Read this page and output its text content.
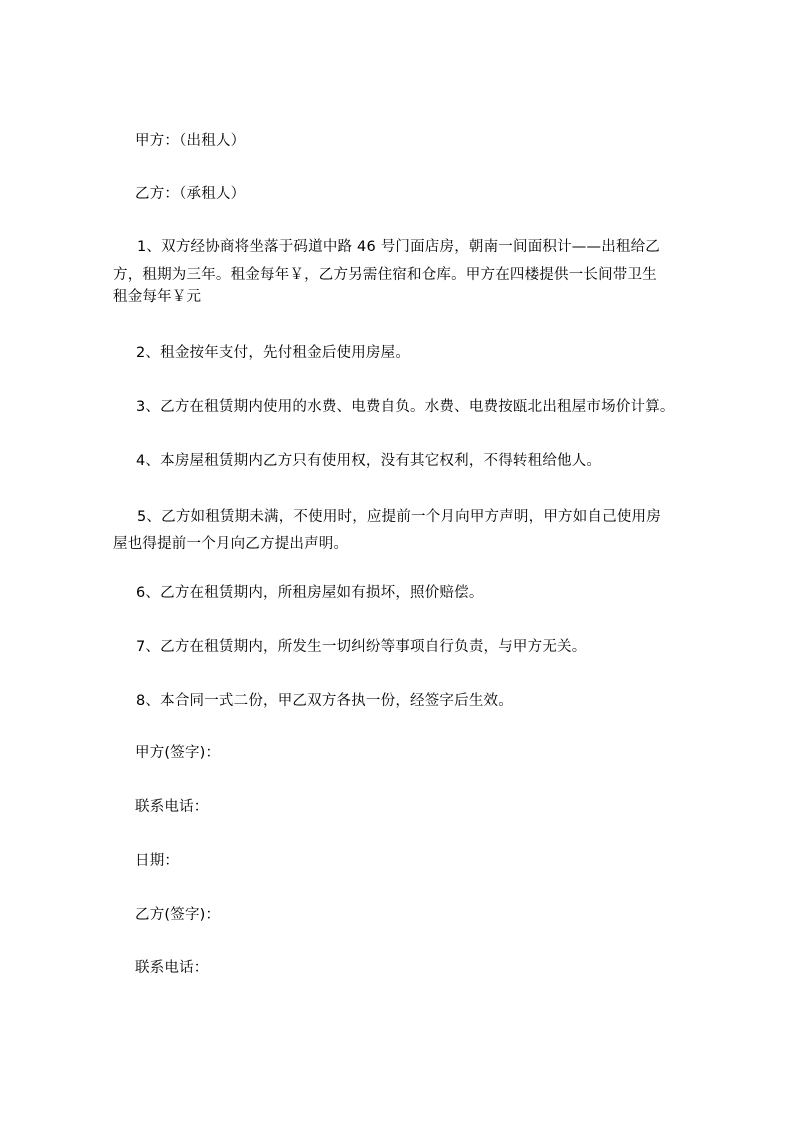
甲方：（出租人）

乙方：（承租人）

1、双方经协商将坐落于码道中路 46 号门面店房，朝南一间面积计——出租给乙
方，租期为三年。租金每年￥，乙方另需住宿和仓库。甲方在四楼提供一长间带卫生
租金每年￥元

2、租金按年支付，先付租金后使用房屋。

3、乙方在租赁期内使用的水费、电费自负。水费、电费按瓯北出租屋市场价计算。

4、本房屋租赁期内乙方只有使用权，没有其它权利，不得转租给他人。

5、乙方如租赁期未满，不使用时，应提前一个月向甲方声明，甲方如自己使用房
屋也得提前一个月向乙方提出声明。

6、乙方在租赁期内，所租房屋如有损坏，照价赔偿。

7、乙方在租赁期内，所发生一切纠纷等事项自行负责，与甲方无关。

8、本合同一式二份，甲乙双方各执一份，经签字后生效。

甲方(签字)：

联系电话：

日期：

乙方(签字)：

联系电话：
